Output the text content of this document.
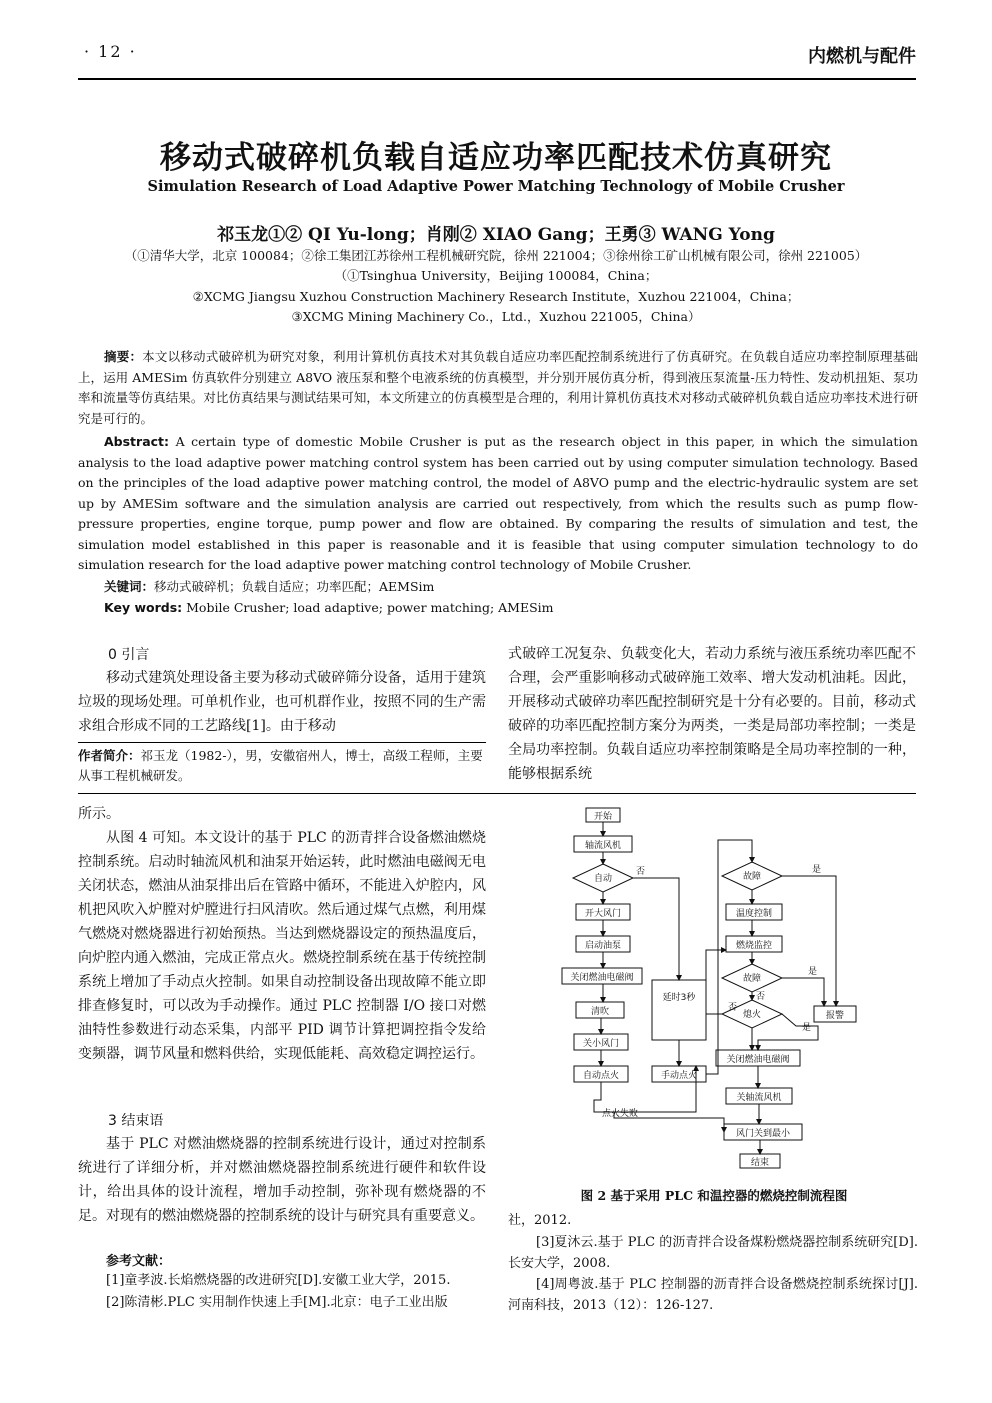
· 12 ·	内燃机与配件
移动式破碎机负载自适应功率匹配技术仿真研究
Simulation Research of Load Adaptive Power Matching Technology of Mobile Crusher
祁玉龙①② QI Yu-long；肖刚② XIAO Gang；王勇③ WANG Yong
（①清华大学，北京 100084；②徐工集团江苏徐州工程机械研究院，徐州 221004；③徐州徐工矿山机械有限公司，徐州 221005）
（①Tsinghua University，Beijing 100084，China；
②XCMG Jiangsu Xuzhou Construction Machinery Research Institute，Xuzhou 221004，China；
③XCMG Mining Machinery Co.，Ltd.，Xuzhou 221005，China）
摘要：本文以移动式破碎机为研究对象，利用计算机仿真技术对其负载自适应功率匹配控制系统进行了仿真研究。在负载自适应功率控制原理基础上，运用 AMESim 仿真软件分别建立 A8VO 液压泵和整个电液系统的仿真模型，并分别开展仿真分析，得到液压泵流量-压力特性、发动机扭矩、泵功率和流量等仿真结果。对比仿真结果与测试结果可知，本文所建立的仿真模型是合理的，利用计算机仿真技术对移动式破碎机负载自适应功率技术进行研究是可行的。
Abstract: A certain type of domestic Mobile Crusher is put as the research object in this paper, in which the simulation analysis to the load adaptive power matching control system has been carried out by using computer simulation technology. Based on the principles of the load adaptive power matching control, the model of A8VO pump and the electric-hydraulic system are set up by AMESim software and the simulation analysis are carried out respectively, from which the results such as pump flow-pressure properties, engine torque, pump power and flow are obtained. By comparing the results of simulation and test, the simulation model established in this paper is reasonable and it is feasible that using computer simulation technology to do simulation research for the load adaptive power matching control technology of Mobile Crusher.
关键词：移动式破碎机；负载自适应；功率匹配；AEMSim
Key words: Mobile Crusher; load adaptive; power matching; AMESim
0 引言
移动式建筑处理设备主要为移动式破碎筛分设备，适用于建筑垃圾的现场处理。可单机作业，也可机群作业，按照不同的生产需求组合形成不同的工艺路线[1]。由于移动
作者简介：祁玉龙（1982-），男，安徽宿州人，博士，高级工程师，主要从事工程机械研发。
式破碎工况复杂、负载变化大，若动力系统与液压系统功率匹配不合理，会严重影响移动式破碎施工效率、增大发动机油耗。因此，开展移动式破碎功率匹配控制研究是十分有必要的。目前，移动式破碎的功率匹配控制方案分为两类，一类是局部功率控制；一类是全局功率控制。负载自适应功率控制策略是全局功率控制的一种，能够根据系统
所示。
从图 4 可知。本文设计的基于 PLC 的沥青拌合设备燃油燃烧控制系统。启动时轴流风机和油泵开始运转，此时燃油电磁阀无电关闭状态，燃油从油泵排出后在管路中循环，不能进入炉腔内，风机把风吹入炉膛对炉膛进行扫风清吹。然后通过煤气点燃，利用煤气燃烧对燃烧器进行初始预热。当达到燃烧器设定的预热温度后，向炉腔内通入燃油，完成正常点火。燃烧控制系统在基于传统控制系统上增加了手动点火控制。如果自动控制设备出现故障不能立即排查修复时，可以改为手动操作。通过 PLC 控制器 I/O 接口对燃油特性参数进行动态采集，内部平 PID 调节计算把调控指令发给变频器，调节风量和燃料供给，实现低能耗、高效稳定调控运行。
3 结束语
基于 PLC 对燃油燃烧器的控制系统进行设计，通过对控制系统进行了详细分析，并对燃油燃烧器控制系统进行硬件和软件设计，给出具体的设计流程，增加手动控制，弥补现有燃烧器的不足。对现有的燃油燃烧器的控制系统的设计与研究具有重要意义。
参考文献：
[1]童孝波.长焰燃烧器的改进研究[D].安徽工业大学，2015.
[2]陈清彬.PLC 实用制作快速上手[M].北京：电子工业出版
开始
轴流风机
自动
开大风门
启动油泵
关闭燃油电磁阀
清吹
关小风门
自动点火	手动点火
延时3秒
故障
温度控制
燃烧监控
故障
熄火	报警
关闭燃油电磁阀
关轴流风机
风门关到最小
结束
点火失败
是
是
是
否
否
否
图 2 基于采用 PLC 和温控器的燃烧控制流程图
社，2012.
[3]夏沐云.基于 PLC 的沥青拌合设备煤粉燃烧器控制系统研究[D].长安大学，2008.
[4]周粤波.基于 PLC 控制器的沥青拌合设备燃烧控制系统探讨[J].河南科技，2013（12）：126-127.
